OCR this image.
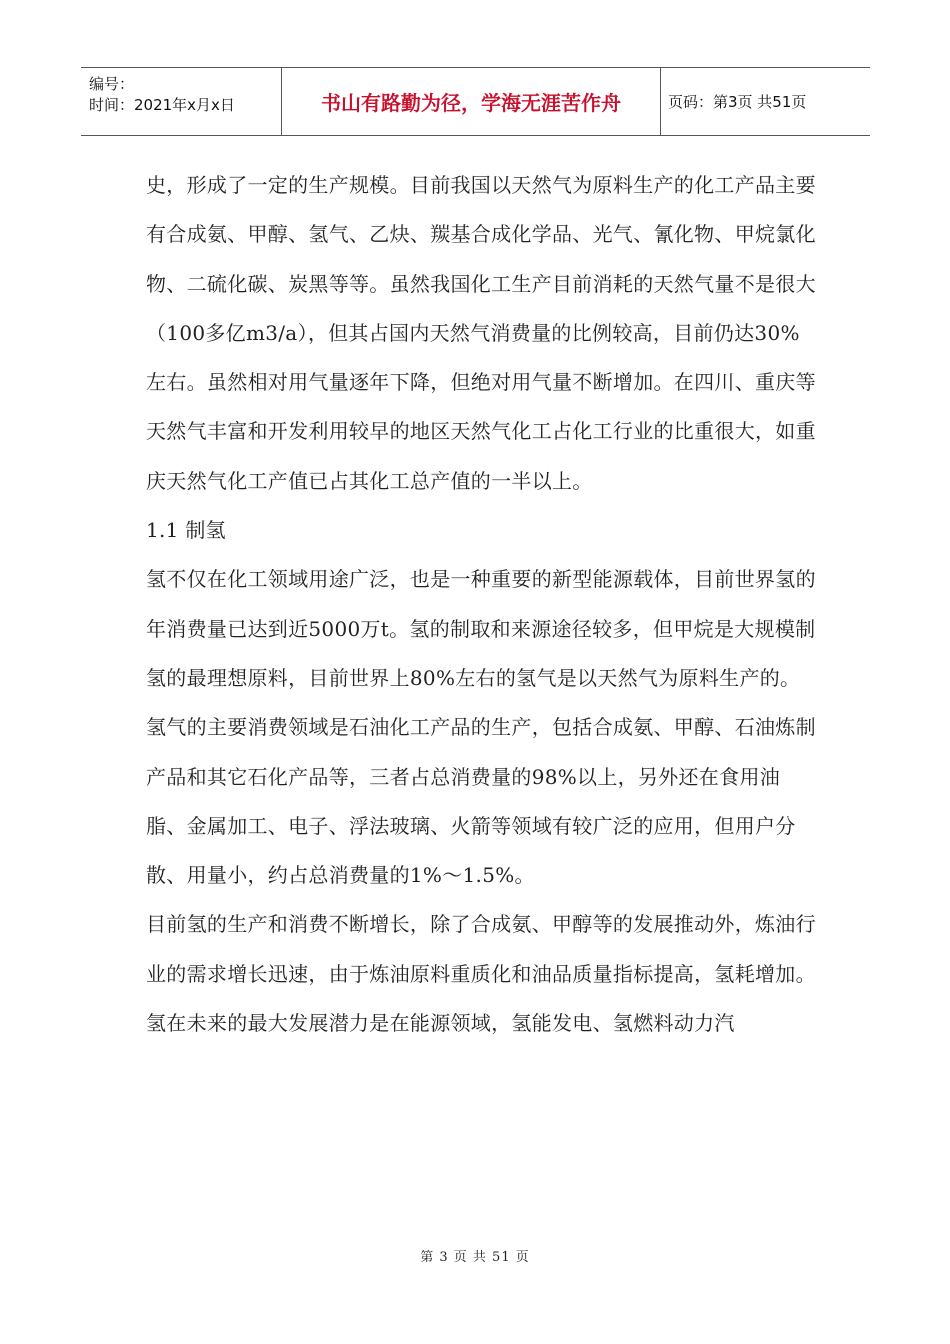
编号：
时间：2021年x月x日	书山有路勤为径，学海无涯苦作舟	页码：第3页 共51页

史，形成了一定的生产规模。目前我国以天然气为原料生产的化工产品主要有合成氨、甲醇、氢气、乙炔、羰基合成化学品、光气、氰化物、甲烷氯化物、二硫化碳、炭黑等等。虽然我国化工生产目前消耗的天然气量不是很大（100多亿m3/a），但其占国内天然气消费量的比例较高，目前仍达30%左右。虽然相对用气量逐年下降，但绝对用气量不断增加。在四川、重庆等天然气丰富和开发利用较早的地区天然气化工占化工行业的比重很大，如重庆天然气化工产值已占其化工总产值的一半以上。

1.1 制氢

氢不仅在化工领域用途广泛，也是一种重要的新型能源载体，目前世界氢的年消费量已达到近5000万t。氢的制取和来源途径较多，但甲烷是大规模制氢的最理想原料，目前世界上80%左右的氢气是以天然气为原料生产的。氢气的主要消费领域是石油化工产品的生产，包括合成氨、甲醇、石油炼制产品和其它石化产品等，三者占总消费量的98%以上，另外还在食用油脂、金属加工、电子、浮法玻璃、火箭等领域有较广泛的应用，但用户分散、用量小，约占总消费量的1%～1.5%。

目前氢的生产和消费不断增长，除了合成氨、甲醇等的发展推动外，炼油行业的需求增长迅速，由于炼油原料重质化和油品质量指标提高，氢耗增加。

氢在未来的最大发展潜力是在能源领域，氢能发电、氢燃料动力汽

第 3 页 共 51 页
